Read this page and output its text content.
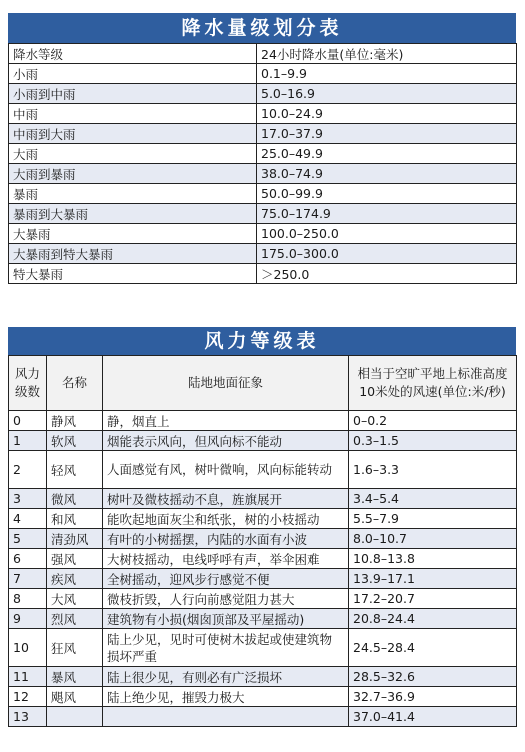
降水量级划分表
降水等级	24小时降水量(单位:毫米)
小雨	0.1–9.9
小雨到中雨	5.0–16.9
中雨	10.0–24.9
中雨到大雨	17.0–37.9
大雨	25.0–49.9
大雨到暴雨	38.0–74.9
暴雨	50.0–99.9
暴雨到大暴雨	75.0–174.9
大暴雨	100.0–250.0
大暴雨到特大暴雨	175.0–300.0
特大暴雨	＞250.0
风力等级表
风力级数	名称	陆地地面征象	相当于空旷平地上标准高度10米处的风速(单位:米/秒)
0	静风	静，烟直上	0–0.2
1	软风	烟能表示风向，但风向标不能动	0.3–1.5
2	轻风	人面感觉有风，树叶微响，风向标能转动	1.6–3.3
3	微风	树叶及微枝摇动不息，旌旗展开	3.4–5.4
4	和风	能吹起地面灰尘和纸张，树的小枝摇动	5.5–7.9
5	清劲风	有叶的小树摇摆，内陆的水面有小波	8.0–10.7
6	强风	大树枝摇动，电线呼呼有声，举伞困难	10.8–13.8
7	疾风	全树摇动，迎风步行感觉不便	13.9–17.1
8	大风	微枝折毁，人行向前感觉阻力甚大	17.2–20.7
9	烈风	建筑物有小损(烟囱顶部及平屋摇动)	20.8–24.4
10	狂风	陆上少见，见时可使树木拔起或使建筑物损坏严重	24.5–28.4
11	暴风	陆上很少见，有则必有广泛损坏	28.5–32.6
12	飓风	陆上绝少见，摧毁力极大	32.7–36.9
13			37.0–41.4
